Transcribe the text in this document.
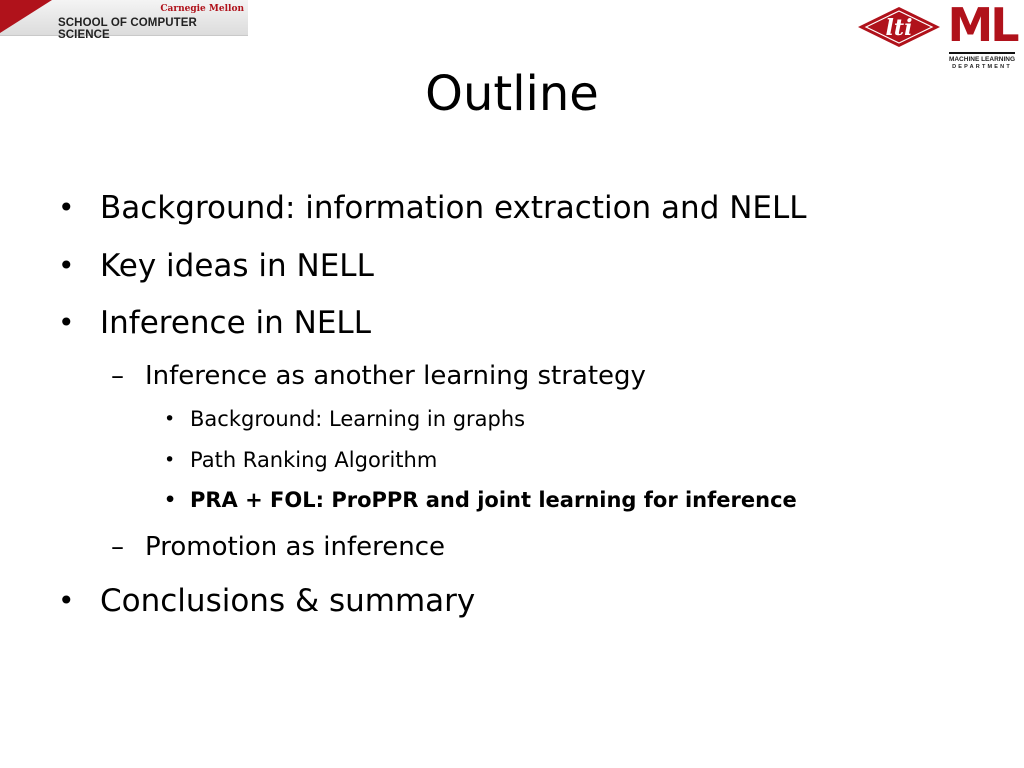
Carnegie Mellon
SCHOOL OF COMPUTER SCIENCE	lti ML
MACHINE LEARNING
DEPARTMENT
Outline
• Background: information extraction and NELL
• Key ideas in NELL
• Inference in NELL
– Inference as another learning strategy
• Background: Learning in graphs
• Path Ranking Algorithm
• PRA + FOL: ProPPR and joint learning for inference
– Promotion as inference
• Conclusions & summary
